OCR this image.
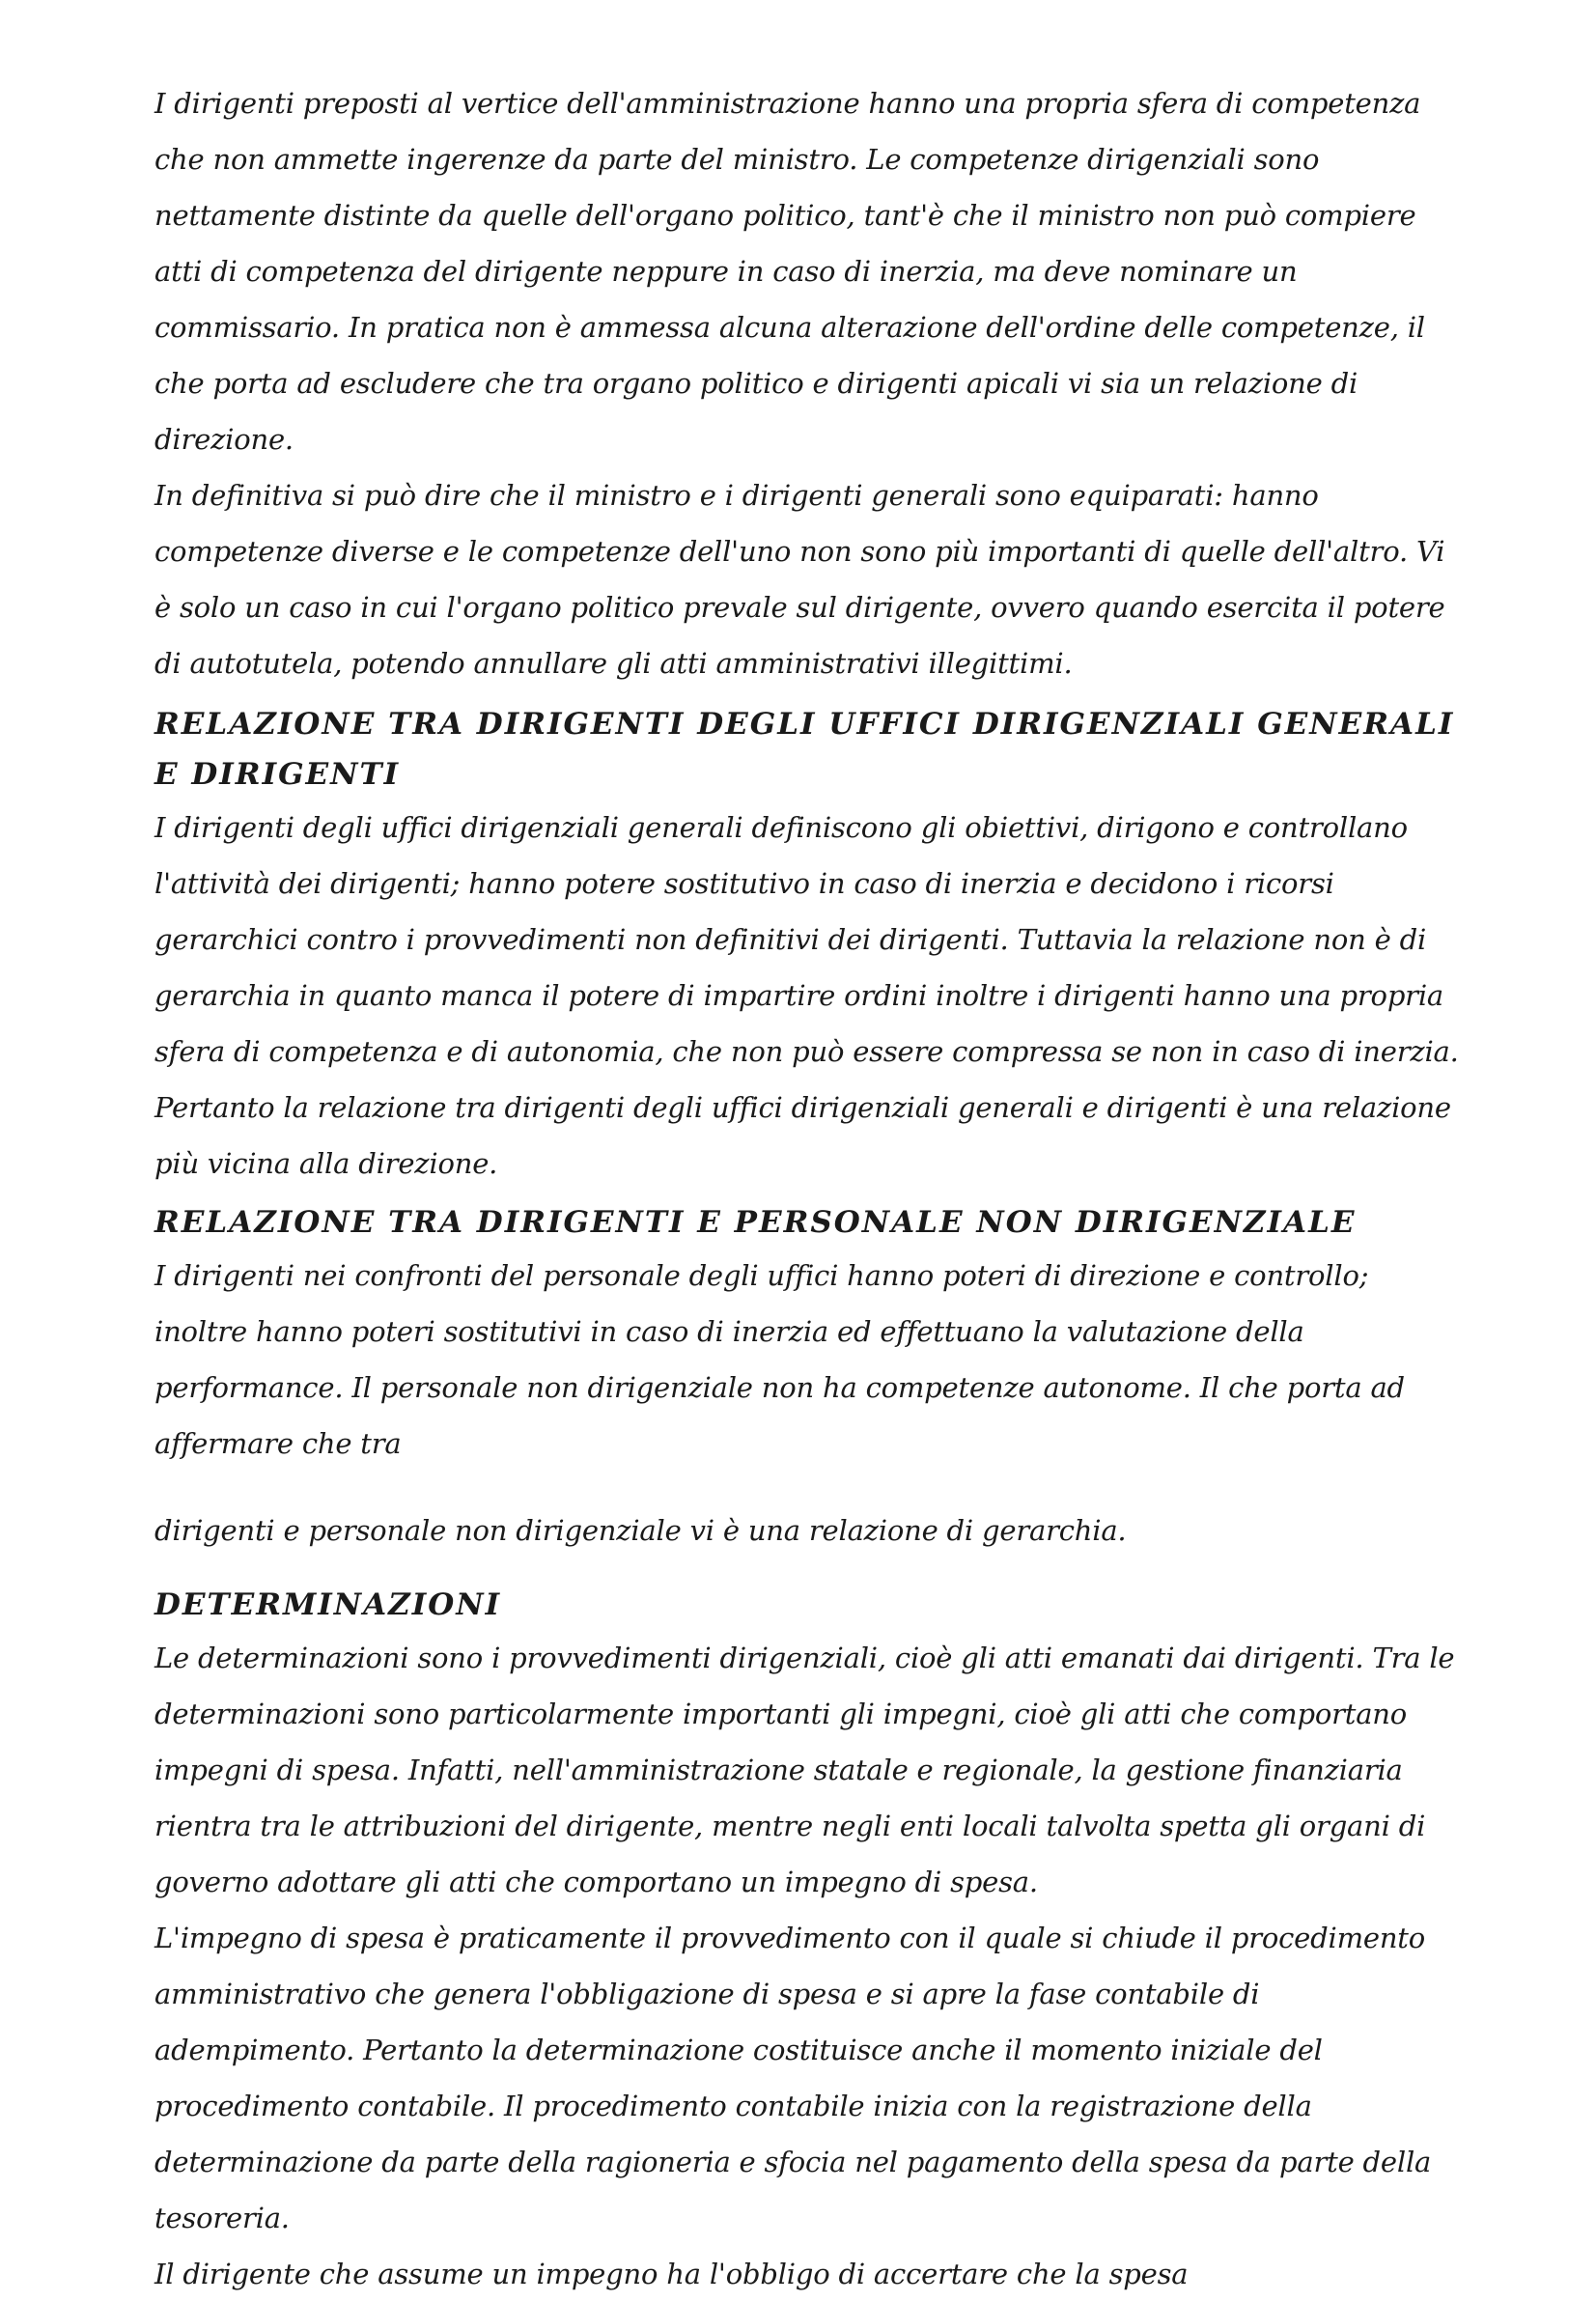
I dirigenti preposti al vertice dell'amministrazione hanno una propria sfera di competenza che non ammette ingerenze da parte del ministro. Le competenze dirigenziali sono nettamente distinte da quelle dell'organo politico, tant'è che il ministro non può compiere atti di competenza del dirigente neppure in caso di inerzia, ma deve nominare un commissario. In pratica non è ammessa alcuna alterazione dell'ordine delle competenze, il che porta ad escludere che tra organo politico e dirigenti apicali vi sia un relazione di direzione.

In definitiva si può dire che il ministro e i dirigenti generali sono equiparati: hanno competenze diverse e le competenze dell'uno non sono più importanti di quelle dell'altro. Vi è solo un caso in cui l'organo politico prevale sul dirigente, ovvero quando esercita il potere di autotutela, potendo annullare gli atti amministrativi illegittimi.

RELAZIONE TRA DIRIGENTI DEGLI UFFICI DIRIGENZIALI GENERALI E DIRIGENTI

I dirigenti degli uffici dirigenziali generali definiscono gli obiettivi, dirigono e controllano l'attività dei dirigenti; hanno potere sostitutivo in caso di inerzia e decidono i ricorsi gerarchici contro i provvedimenti non definitivi dei dirigenti. Tuttavia la relazione non è di gerarchia in quanto manca il potere di impartire ordini inoltre i dirigenti hanno una propria sfera di competenza e di autonomia, che non può essere compressa se non in caso di inerzia. Pertanto la relazione tra dirigenti degli uffici dirigenziali generali e dirigenti è una relazione più vicina alla direzione.

RELAZIONE TRA DIRIGENTI E PERSONALE NON DIRIGENZIALE

I dirigenti nei confronti del personale degli uffici hanno poteri di direzione e controllo; inoltre hanno poteri sostitutivi in caso di inerzia ed effettuano la valutazione della performance. Il personale non dirigenziale non ha competenze autonome. Il che porta ad affermare che tra

dirigenti e personale non dirigenziale vi è una relazione di gerarchia.

DETERMINAZIONI

Le determinazioni sono i provvedimenti dirigenziali, cioè gli atti emanati dai dirigenti. Tra le determinazioni sono particolarmente importanti gli impegni, cioè gli atti che comportano impegni di spesa. Infatti, nell'amministrazione statale e regionale, la gestione finanziaria rientra tra le attribuzioni del dirigente, mentre negli enti locali talvolta spetta gli organi di governo adottare gli atti che comportano un impegno di spesa.

L'impegno di spesa è praticamente il provvedimento con il quale si chiude il procedimento amministrativo che genera l'obbligazione di spesa e si apre la fase contabile di adempimento. Pertanto la determinazione costituisce anche il momento iniziale del procedimento contabile. Il procedimento contabile inizia con la registrazione della determinazione da parte della ragioneria e sfocia nel pagamento della spesa da parte della tesoreria.

Il dirigente che assume un impegno ha l'obbligo di accertare che la spesa
